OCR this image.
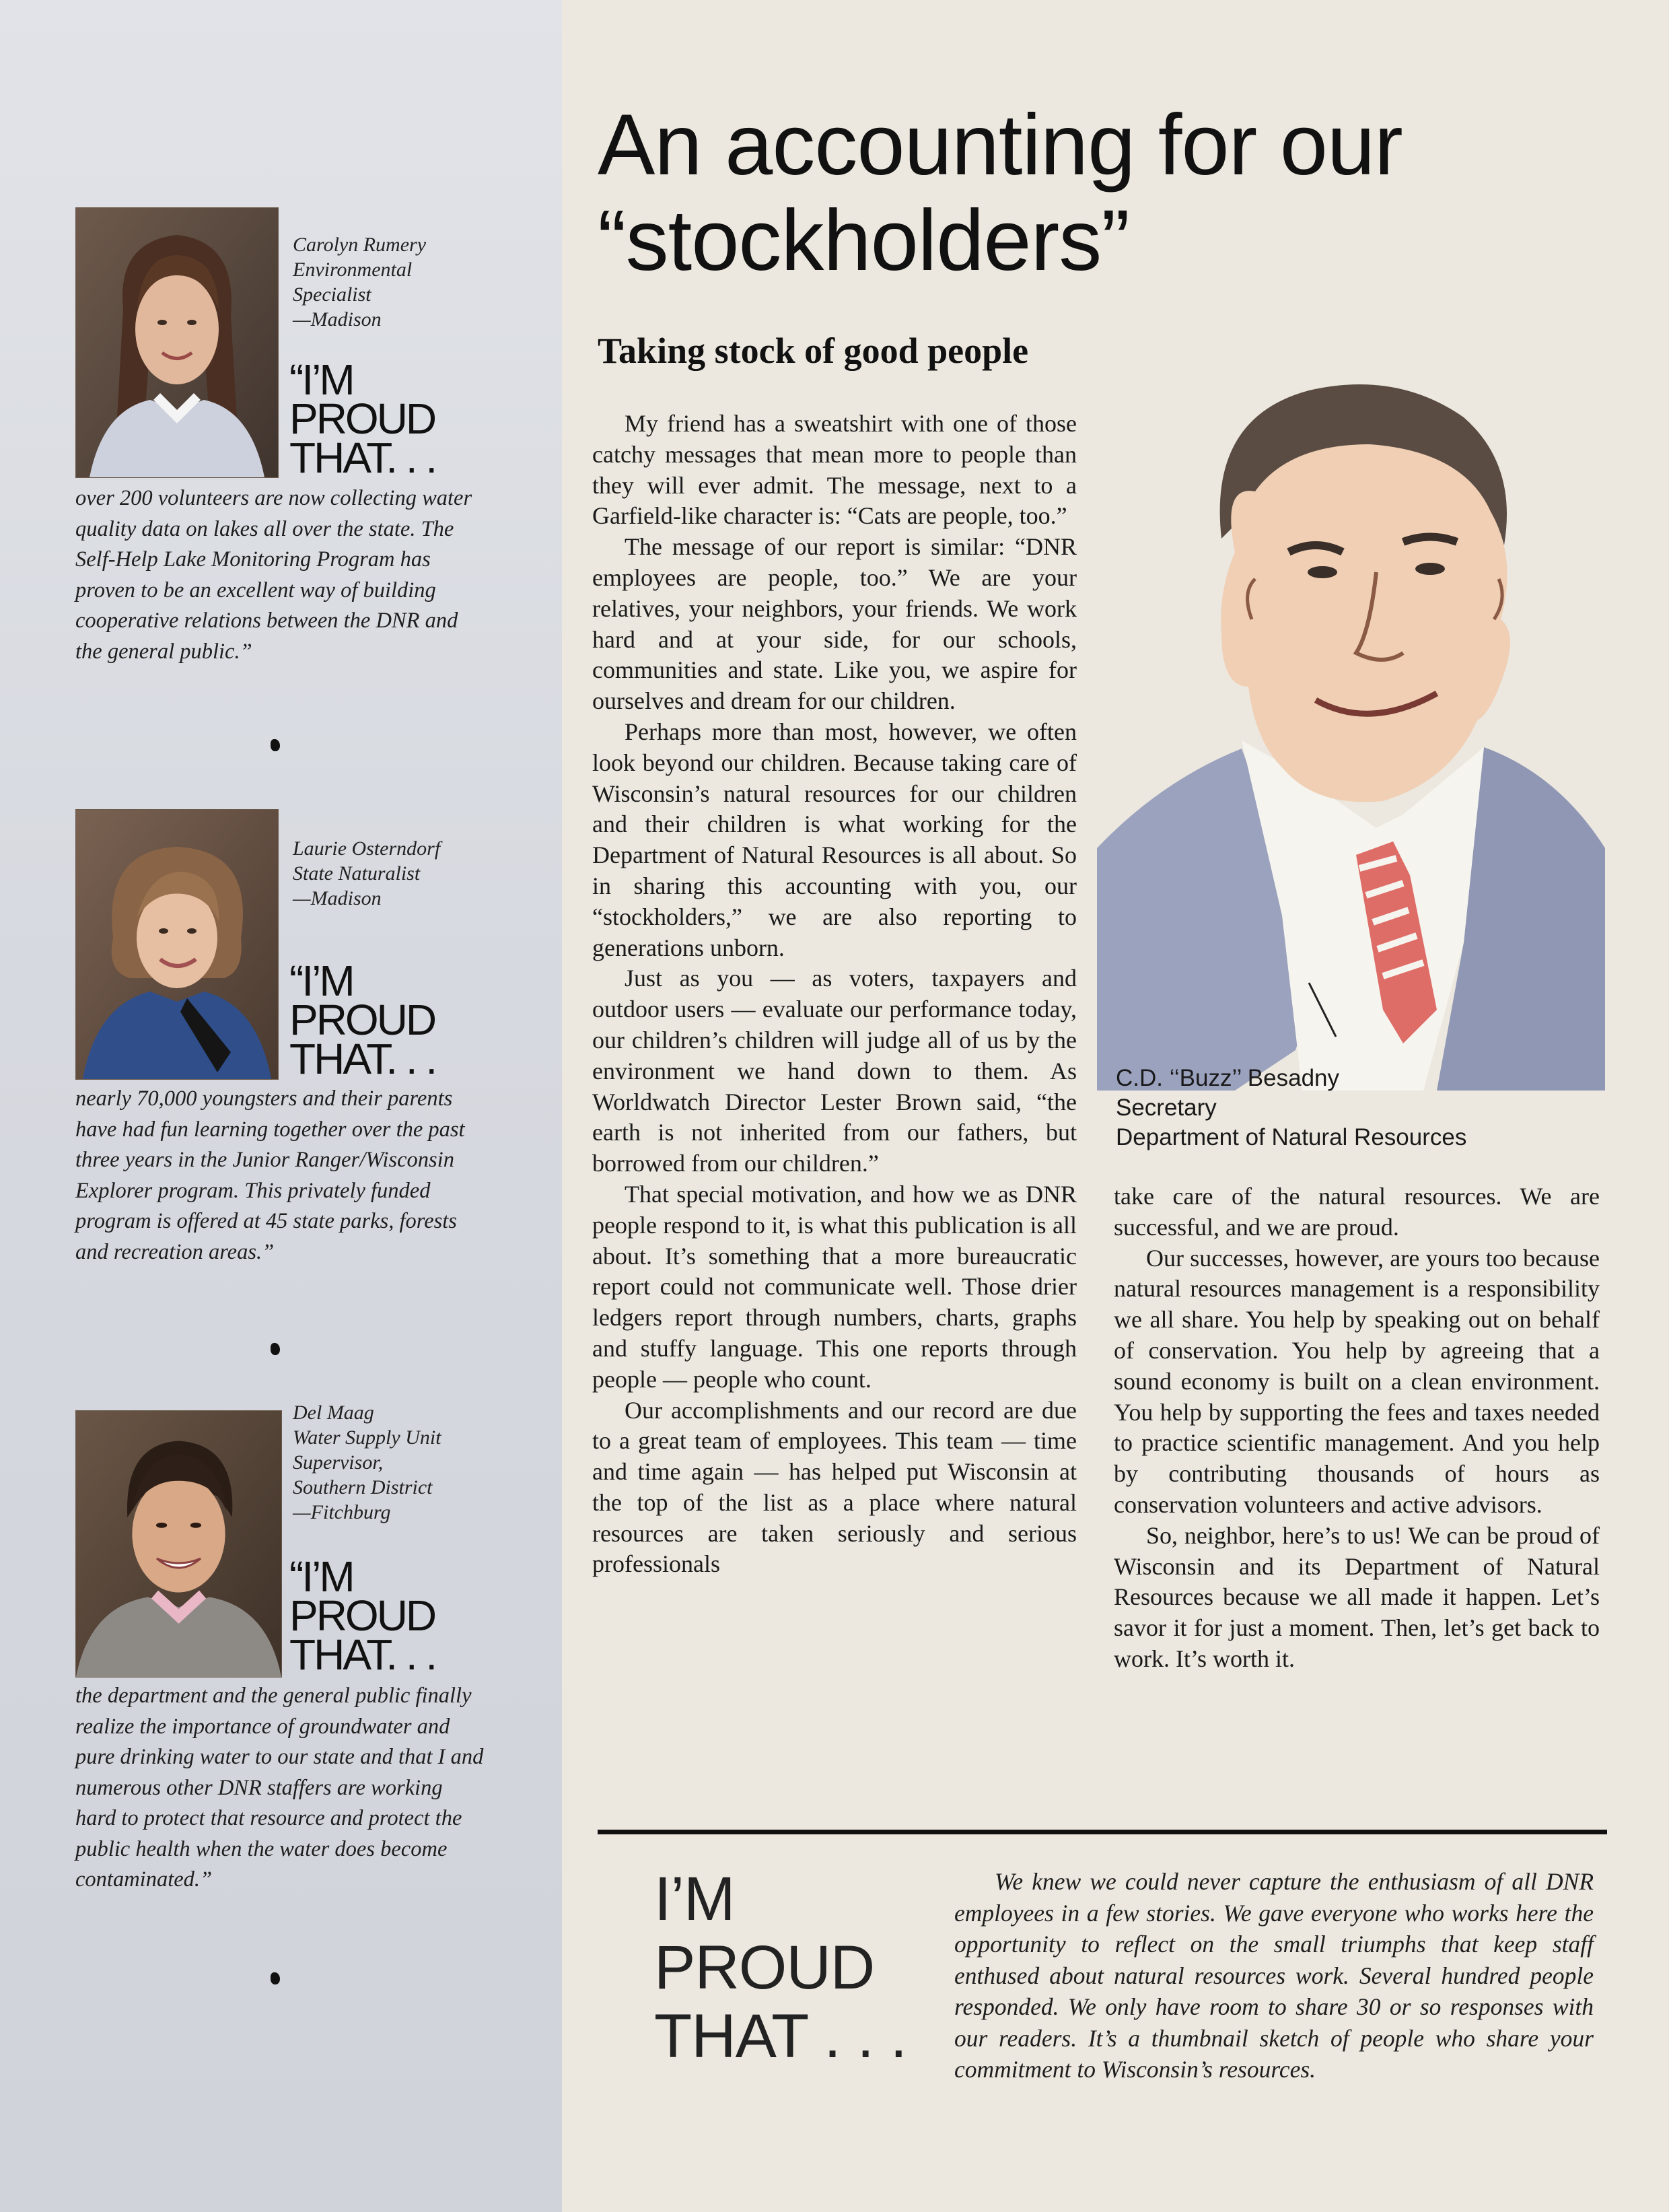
Carolyn Rumery
Environmental
Specialist
—Madison
“I’M
PROUD
THAT. . .
over 200 volunteers are now collecting water quality data on lakes all over the state. The Self-Help Lake Monitoring Program has proven to be an excellent way of building cooperative relations between the DNR and the general public.”
Laurie Osterndorf
State Naturalist
—Madison
“I’M
PROUD
THAT. . .
nearly 70,000 youngsters and their parents have had fun learning together over the past three years in the Junior Ranger/Wisconsin Explorer program. This privately funded program is offered at 45 state parks, forests and recreation areas.”
Del Maag
Water Supply Unit
Supervisor,
Southern District
—Fitchburg
“I’M
PROUD
THAT. . .
the department and the general public finally realize the importance of groundwater and pure drinking water to our state and that I and numerous other DNR staffers are working hard to protect that resource and protect the public health when the water does become contaminated.”
An accounting for our
“stockholders”
Taking stock of good people

My friend has a sweatshirt with one of those catchy messages that mean more to people than they will ever admit. The message, next to a Garfield-like character is: “Cats are people, too.”

The message of our report is similar: “DNR employees are people, too.” We are your relatives, your neighbors, your friends. We work hard and at your side, for our schools, communities and state. Like you, we aspire for ourselves and dream for our children.

Perhaps more than most, however, we often look beyond our children. Because taking care of Wisconsin’s natural resources for our children and their children is what working for the Department of Natural Resources is all about. So in sharing this accounting with you, our “stockholders,” we are also reporting to generations unborn.

Just as you — as voters, taxpayers and outdoor users — evaluate our performance today, our children’s children will judge all of us by the environment we hand down to them. As Worldwatch Director Lester Brown said, “the earth is not inherited from our fathers, but borrowed from our children.”

That special motivation, and how we as DNR people respond to it, is what this publication is all about. It’s something that a more bureaucratic report could not communicate well. Those drier ledgers report through numbers, charts, graphs and stuffy language. This one reports through people — people who count.

Our accomplishments and our record are due to a great team of employees. This team — time and time again — has helped put Wisconsin at the top of the list as a place where natural resources are taken seriously and serious professionals

C.D. ‘‘Buzz’’ Besadny
Secretary
Department of Natural Resources

take care of the natural resources. We are successful, and we are proud.

Our successes, however, are yours too because natural resources management is a responsibility we all share. You help by speaking out on behalf of conservation. You help by agreeing that a sound economy is built on a clean environment. You help by supporting the fees and taxes needed to practice scientific management. And you help by contributing thousands of hours as conservation volunteers and active advisors.

So, neighbor, here’s to us! We can be proud of Wisconsin and its Department of Natural Resources because we all made it happen. Let’s savor it for just a moment. Then, let’s get back to work. It’s worth it.

I’M
PROUD
THAT . . .
We knew we could never capture the enthusiasm of all DNR employees in a few stories. We gave everyone who works here the opportunity to reflect on the small triumphs that keep staff enthused about natural resources work. Several hundred people responded. We only have room to share 30 or so responses with our readers. It’s a thumbnail sketch of people who share your commitment to Wisconsin’s resources.
